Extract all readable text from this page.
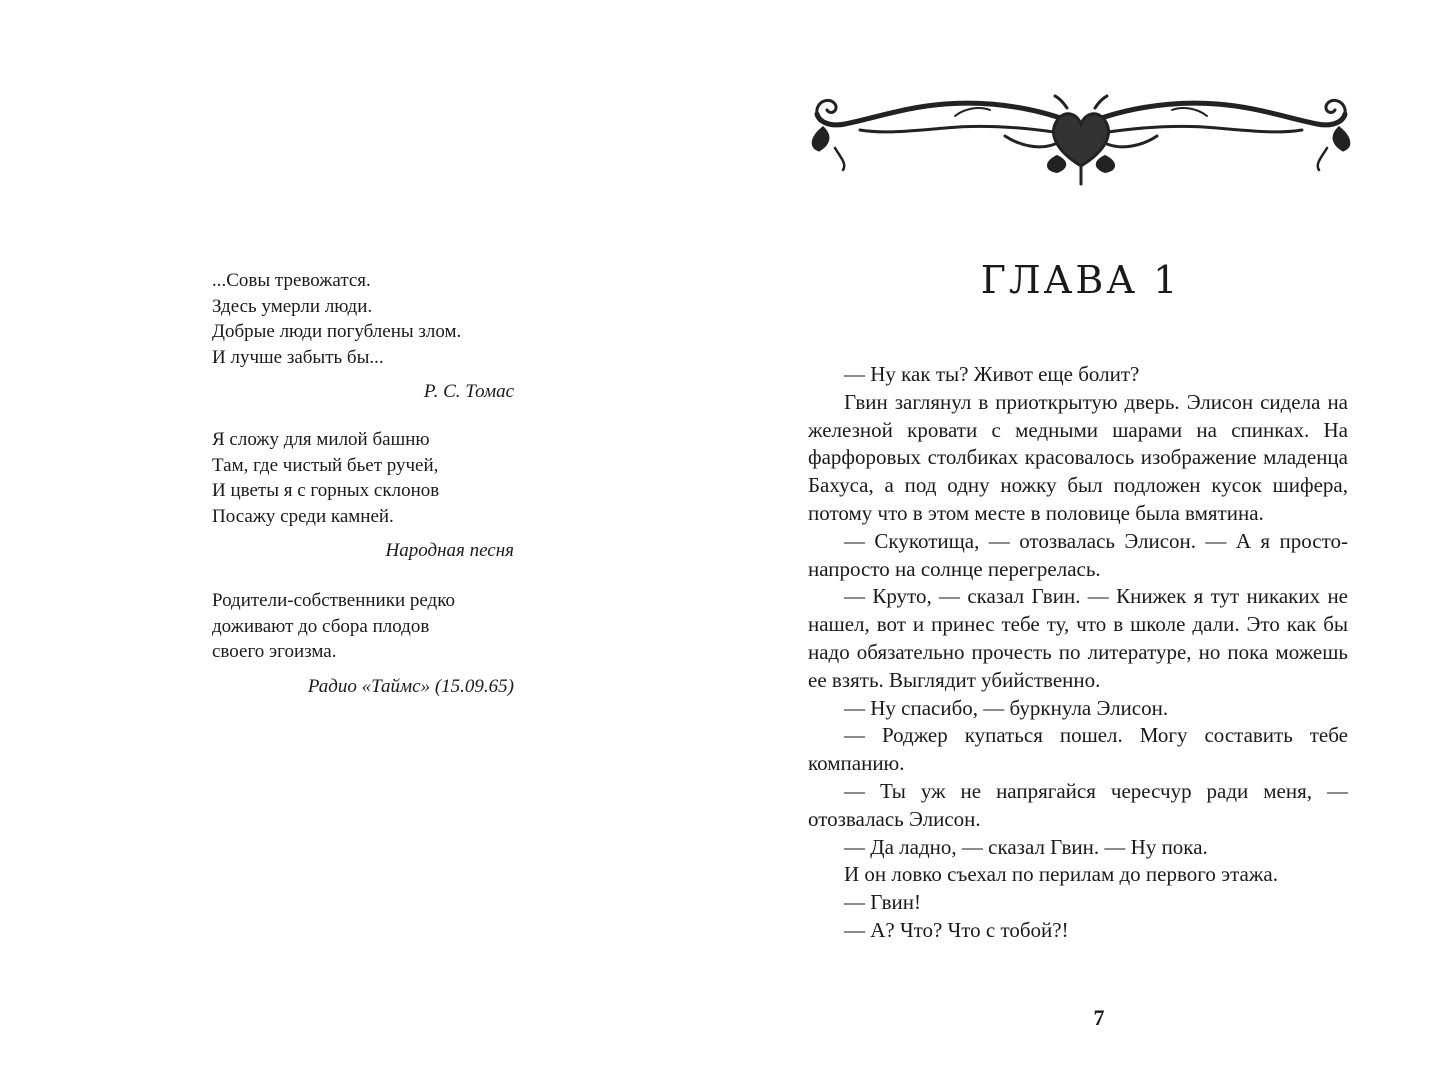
...Совы тревожатся.
Здесь умерли люди.
Добрые люди погублены злом.
И лучше забыть бы...
Р. С. Томас
Я сложу для милой башню
Там, где чистый бьет ручей,
И цветы я с горных склонов
Посажу среди камней.
Народная песня
Родители-собственники редко
доживают до сбора плодов
своего эгоизма.
Радио «Таймс» (15.09.65)
ГЛАВА 1

— Ну как ты? Живот еще болит?

Гвин заглянул в приоткрытую дверь. Элисон сидела на железной кровати с медными шарами на спинках. На фарфоровых столбиках красовалось изображение младенца Бахуса, а под одну ножку был подложен кусок шифера, потому что в этом месте в половице была вмятина.

— Скукотища, — отозвалась Элисон. — А я просто-напросто на солнце перегрелась.

— Круто, — сказал Гвин. — Книжек я тут никаких не нашел, вот и принес тебе ту, что в школе дали. Это как бы надо обязательно прочесть по литературе, но пока можешь ее взять. Выглядит убийственно.

— Ну спасибо, — буркнула Элисон.

— Роджер купаться пошел. Могу составить тебе компанию.

— Ты уж не напрягайся чересчур ради меня, — отозвалась Элисон.

— Да ладно, — сказал Гвин. — Ну пока.

И он ловко съехал по перилам до первого этажа.

— Гвин!

— А? Что? Что с тобой?!

7
